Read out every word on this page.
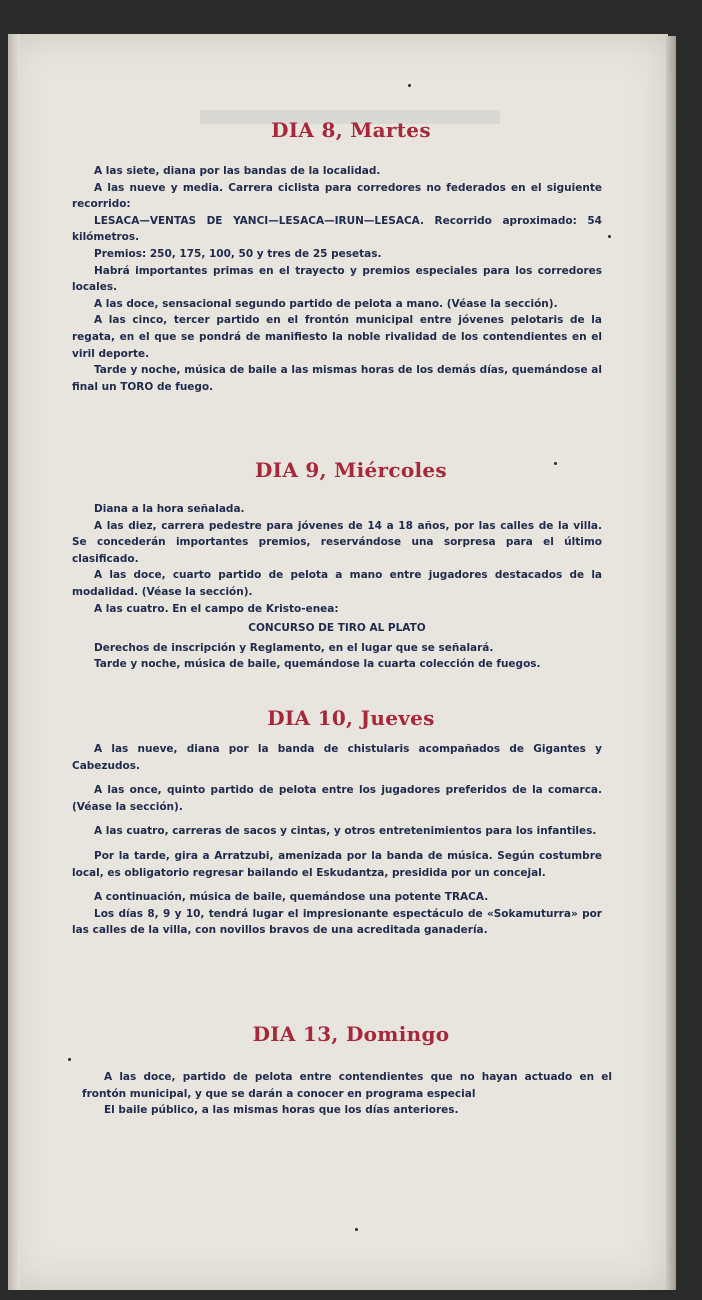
DIA 8, Martes

A las siete, diana por las bandas de la localidad.

A las nueve y media. Carrera ciclista para corredores no federados en el siguiente recorrido:

LESACA—VENTAS DE YANCI—LESACA—IRUN—LESACA. Recorrido aproximado: 54 kilómetros.

Premios: 250, 175, 100, 50 y tres de 25 pesetas.

Habrá importantes primas en el trayecto y premios especiales para los corredores locales.

A las doce, sensacional segundo partido de pelota a mano. (Véase la sección).

A las cinco, tercer partido en el frontón municipal entre jóvenes pelotaris de la regata, en el que se pondrá de manifiesto la noble rivalidad de los contendientes en el viril deporte.

Tarde y noche, música de baile a las mismas horas de los demás días, quemándose al final un TORO de fuego.

DIA 9, Miércoles

Diana a la hora señalada.

A las diez, carrera pedestre para jóvenes de 14 a 18 años, por las calles de la villa. Se concederán importantes premios, reservándose una sorpresa para el último clasificado.

A las doce, cuarto partido de pelota a mano entre jugadores destacados de la modalidad. (Véase la sección).

A las cuatro. En el campo de Kristo-enea:

CONCURSO DE TIRO AL PLATO

Derechos de inscripción y Reglamento, en el lugar que se señalará.

Tarde y noche, música de baile, quemándose la cuarta colección de fuegos.

DIA 10, Jueves

A las nueve, diana por la banda de chistularis acompañados de Gigantes y Cabezudos.

A las once, quinto partido de pelota entre los jugadores preferidos de la comarca. (Véase la sección).

A las cuatro, carreras de sacos y cintas, y otros entretenimientos para los infantiles.

Por la tarde, gira a Arratzubi, amenizada por la banda de música. Según costumbre local, es obligatorio regresar bailando el Eskudantza, presidida por un concejal.

A continuación, música de baile, quemándose una potente TRACA.

Los días 8, 9 y 10, tendrá lugar el impresionante espectáculo de «Sokamuturra» por las calles de la villa, con novillos bravos de una acreditada ganadería.

DIA 13, Domingo

A las doce, partido de pelota entre contendientes que no hayan actuado en el frontón municipal, y que se darán a conocer en programa especial

El baile público, a las mismas horas que los días anteriores.
